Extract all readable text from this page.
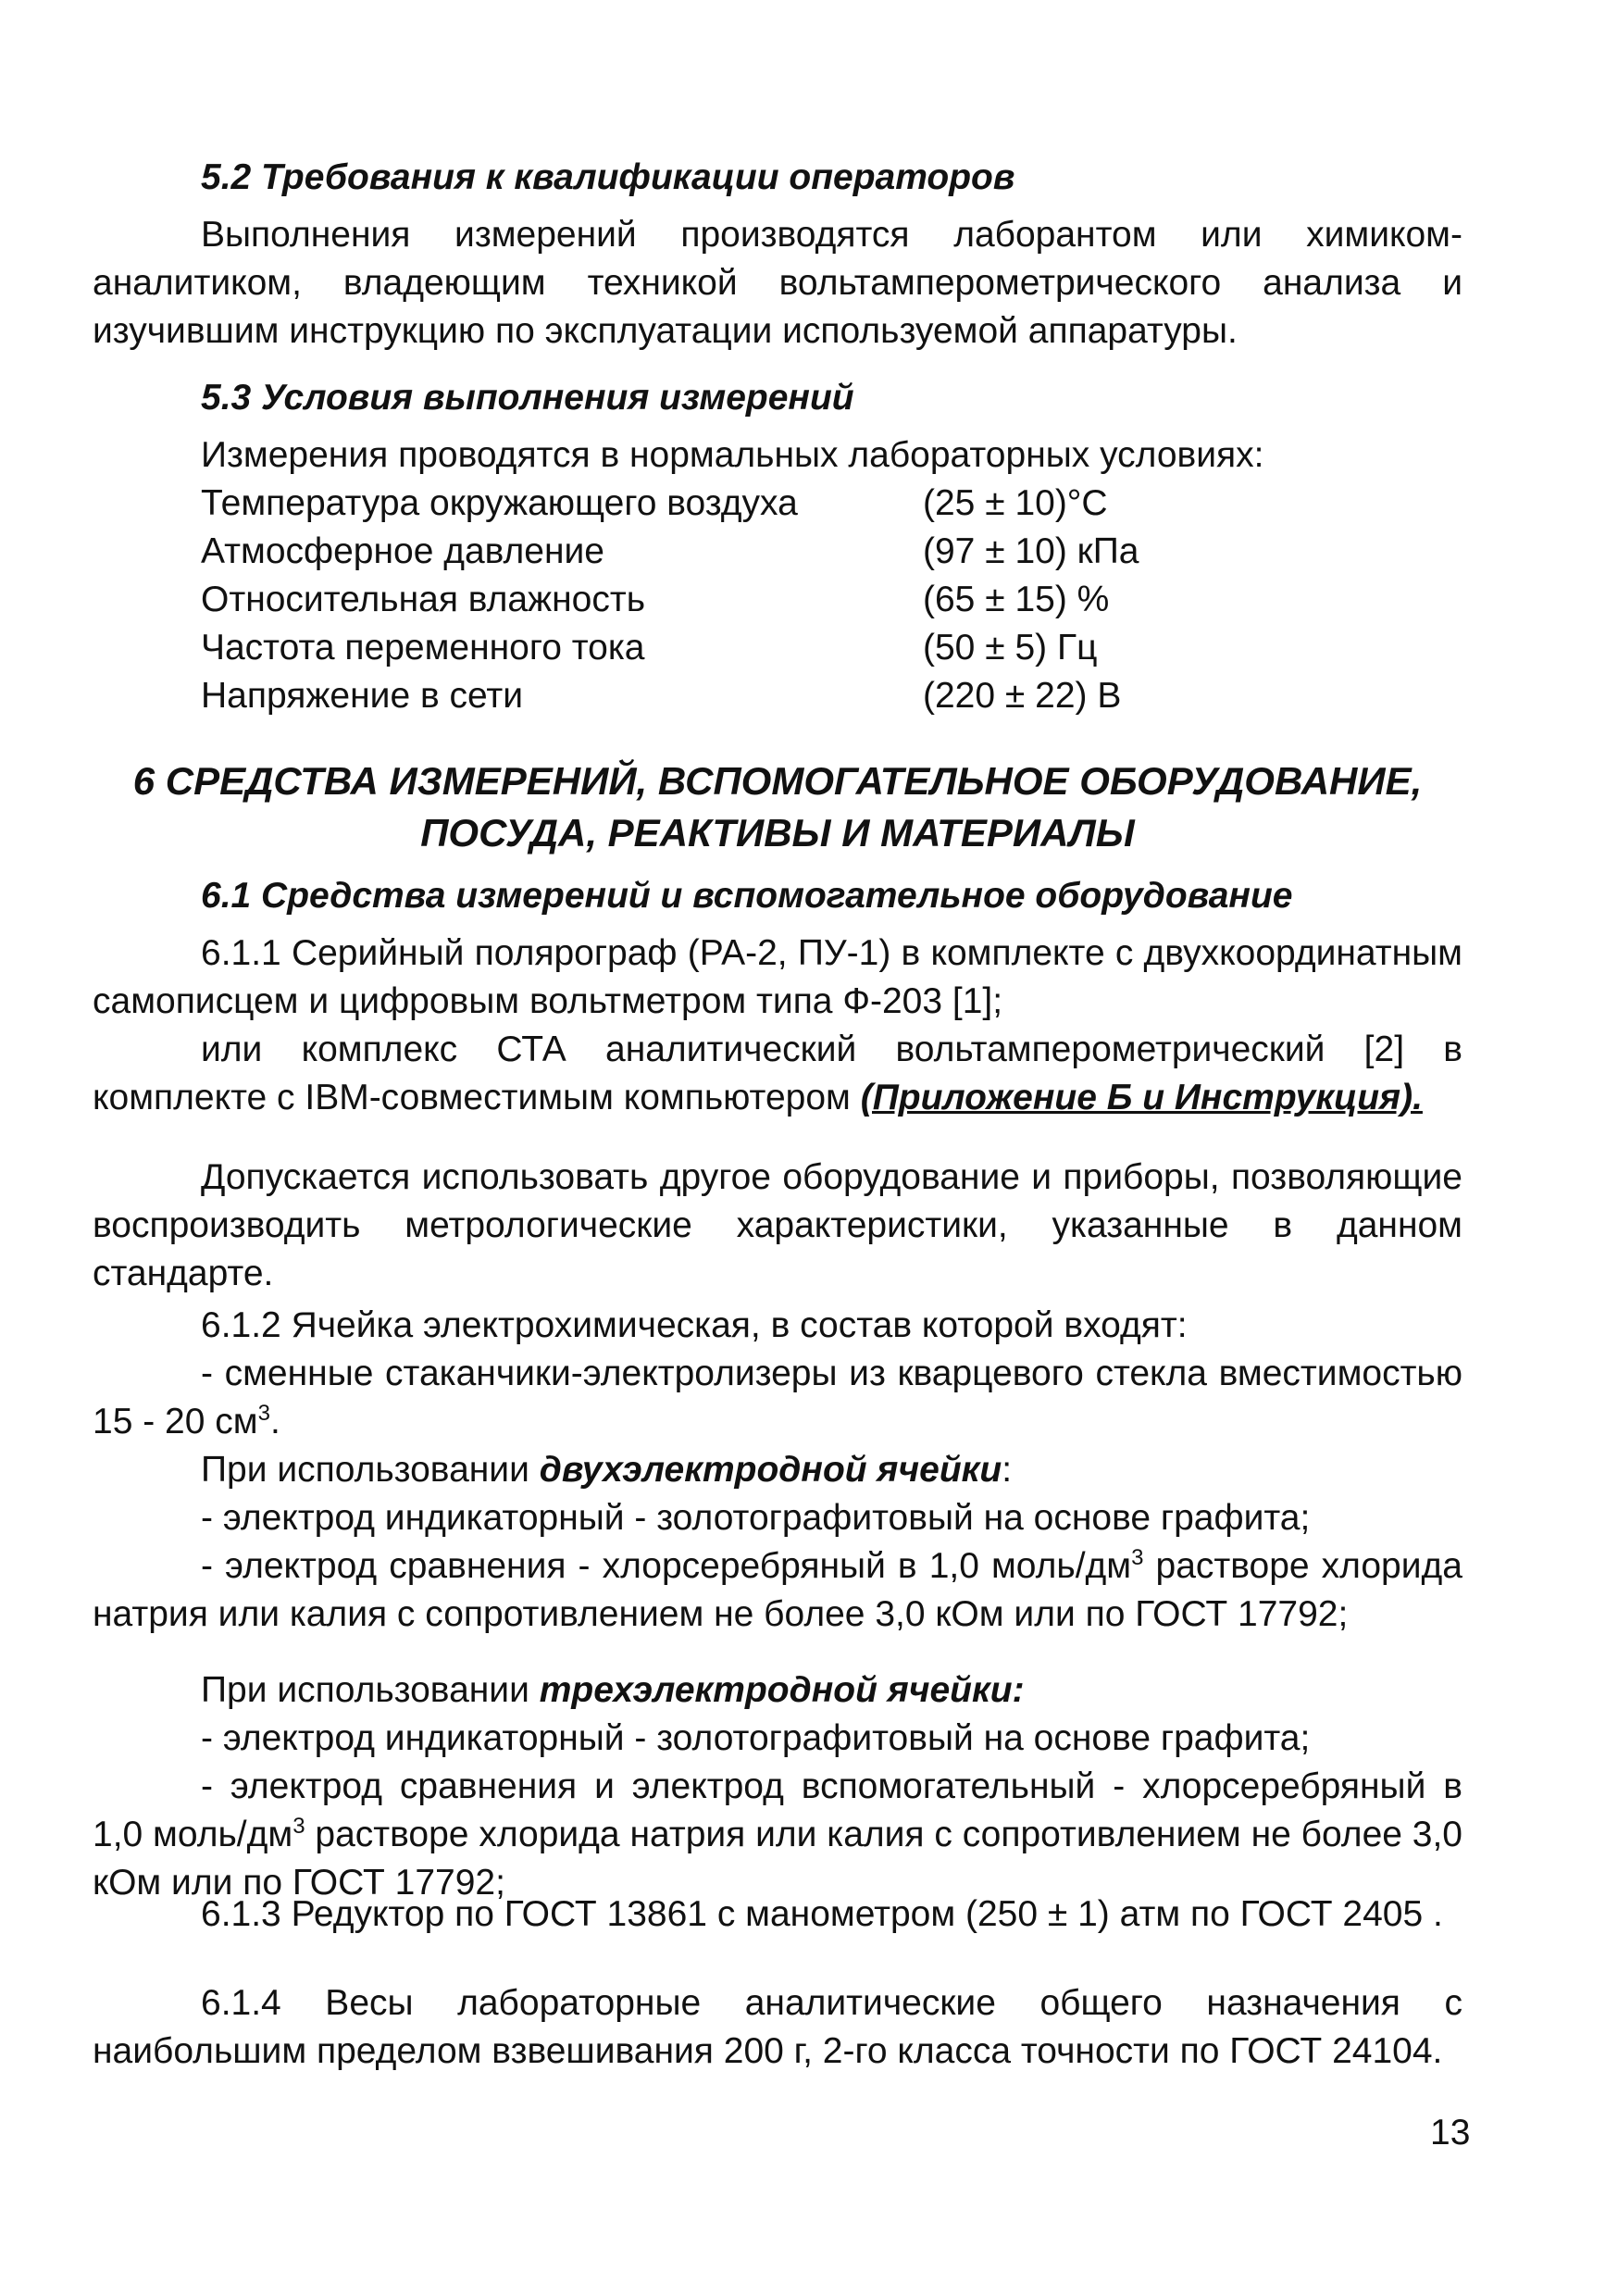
5.2 Требования к квалификации операторов

Выполнения измерений производятся лаборантом или химиком-аналитиком, владеющим техникой вольтамперометрического анализа и изучившим инструкцию по эксплуатации используемой аппаратуры.

5.3 Условия выполнения измерений

Измерения проводятся в нормальных лабораторных условиях:

Температура окружающего воздуха	(25 ± 10)°С
Атмосферное давление	(97 ± 10) кПа
Относительная влажность	(65 ± 15) %
Частота переменного тока	(50 ± 5) Гц
Напряжение в сети	(220 ± 22) В

6 СРЕДСТВА ИЗМЕРЕНИЙ, ВСПОМОГАТЕЛЬНОЕ ОБОРУДОВАНИЕ,

ПОСУДА, РЕАКТИВЫ И МАТЕРИАЛЫ

6.1 Средства измерений и вспомогательное оборудование

6.1.1 Серийный полярограф (РА-2, ПУ-1) в комплекте с двухкоординатным самописцем и цифровым вольтметром типа Ф-203 [1];

или комплекс СТА аналитический вольтамперометрический [2] в комплекте с IBM-совместимым компьютером (Приложение Б и Инструкция).

Допускается использовать другое оборудование и приборы, позволяющие воспроизводить метрологические характеристики, указанные в данном стандарте.

6.1.2 Ячейка электрохимическая, в состав которой входят:

- сменные стаканчики-электролизеры из кварцевого стекла вместимостью 15 - 20 $см^3$.

При использовании двухэлектродной ячейки:

- электрод индикаторный - золотографитовый на основе графита;

- электрод сравнения - хлорсеребряный в 1,0 моль/$дм^3$ растворе хлорида натрия или калия с сопротивлением не более 3,0 кОм или по ГОСТ 17792;

При использовании трехэлектродной ячейки:

- электрод индикаторный - золотографитовый на основе графита;

- электрод сравнения и электрод вспомогательный - хлорсеребряный в 1,0 моль/$дм^3$ растворе хлорида натрия или калия с сопротивлением не более 3,0 кОм или по ГОСТ 17792;

6.1.3 Редуктор по ГОСТ 13861 с манометром (250 ± 1) атм по ГОСТ 2405 .

6.1.4 Весы лабораторные аналитические общего назначения с наибольшим пределом взвешивания 200 г, 2-го класса точности по ГОСТ 24104.

13
